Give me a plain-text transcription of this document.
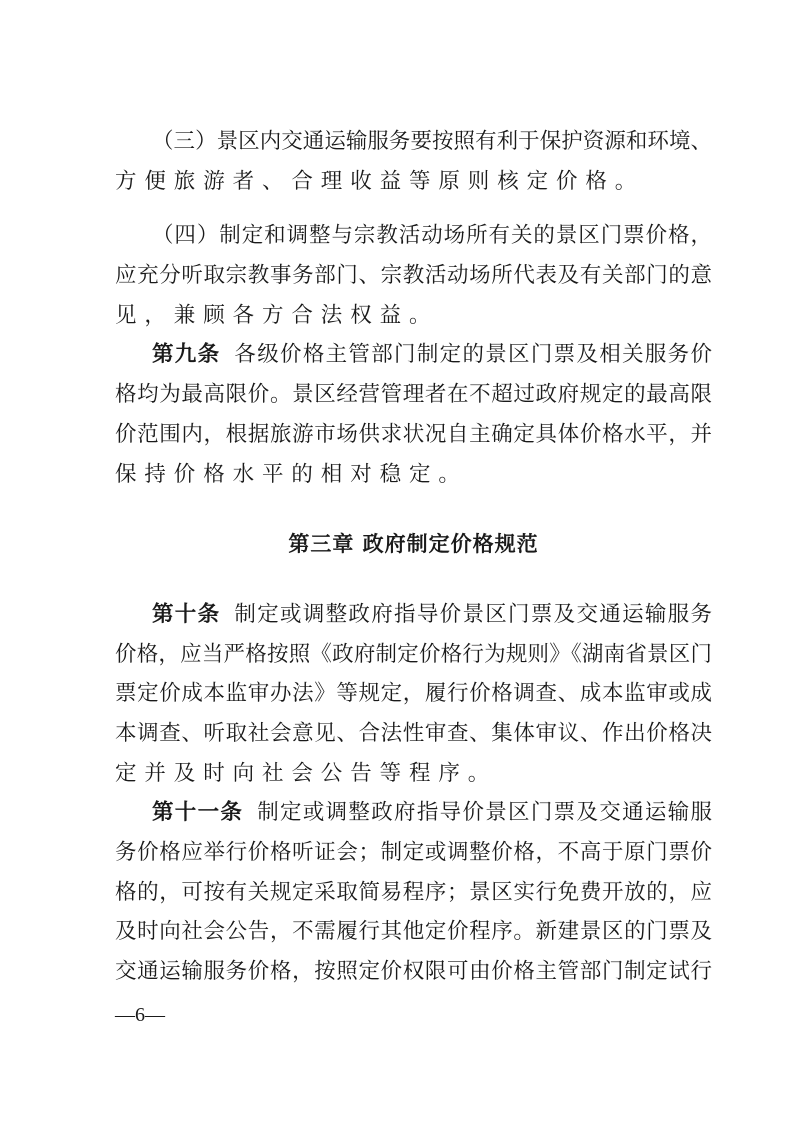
（三）景区内交通运输服务要按照有利于保护资源和环境、
方便旅游者、合理收益等原则核定价格。
（四）制定和调整与宗教活动场所有关的景区门票价格，
应充分听取宗教事务部门、宗教活动场所代表及有关部门的意
见，兼顾各方合法权益。
第九条 各级价格主管部门制定的景区门票及相关服务价
格均为最高限价。景区经营管理者在不超过政府规定的最高限
价范围内，根据旅游市场供求状况自主确定具体价格水平，并
保持价格水平的相对稳定。
第三章 政府制定价格规范
第十条 制定或调整政府指导价景区门票及交通运输服务
价格，应当严格按照《政府制定价格行为规则》《湖南省景区门
票定价成本监审办法》等规定，履行价格调查、成本监审或成
本调查、听取社会意见、合法性审查、集体审议、作出价格决
定并及时向社会公告等程序。
第十一条 制定或调整政府指导价景区门票及交通运输服
务价格应举行价格听证会；制定或调整价格，不高于原门票价
格的，可按有关规定采取简易程序；景区实行免费开放的，应
及时向社会公告，不需履行其他定价程序。新建景区的门票及
交通运输服务价格，按照定价权限可由价格主管部门制定试行
—6—
